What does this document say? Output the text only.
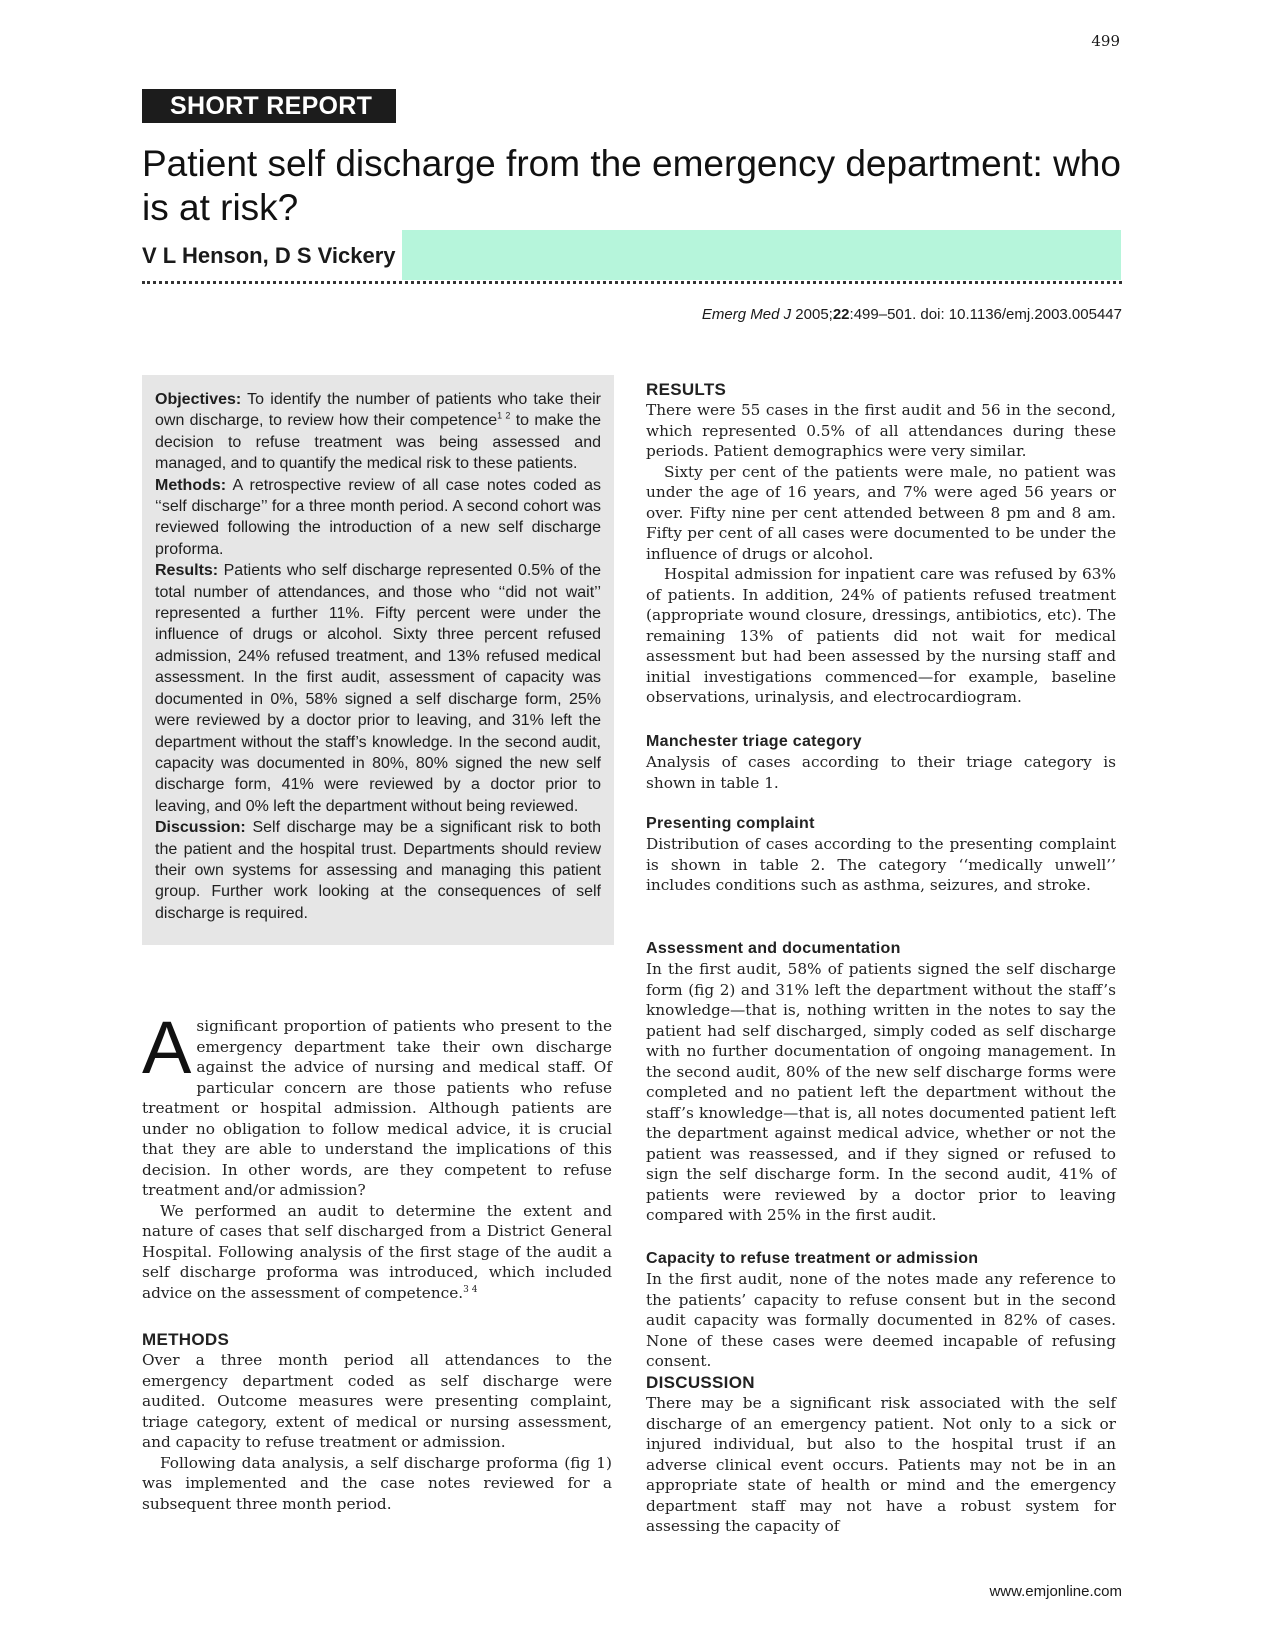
499
SHORT REPORT
Patient self discharge from the emergency department: who is at risk?
V L Henson, D S Vickery
Emerg Med J 2005;22:499–501. doi: 10.1136/emj.2003.005447

Objectives: To identify the number of patients who take their own discharge, to review how their competence$^{1 2}$ to make the decision to refuse treatment was being assessed and managed, and to quantify the medical risk to these patients.

Methods: A retrospective review of all case notes coded as ‘‘self discharge’’ for a three month period. A second cohort was reviewed following the introduction of a new self discharge proforma.

Results: Patients who self discharge represented 0.5% of the total number of attendances, and those who ‘‘did not wait’’ represented a further 11%. Fifty percent were under the influence of drugs or alcohol. Sixty three percent refused admission, 24% refused treatment, and 13% refused medical assessment. In the first audit, assessment of capacity was documented in 0%, 58% signed a self discharge form, 25% were reviewed by a doctor prior to leaving, and 31% left the department without the staff’s knowledge. In the second audit, capacity was documented in 80%, 80% signed the new self discharge form, 41% were reviewed by a doctor prior to leaving, and 0% left the department without being reviewed.

Discussion: Self discharge may be a significant risk to both the patient and the hospital trust. Departments should review their own systems for assessing and managing this patient group. Further work looking at the consequences of self discharge is required.

Asignificant proportion of patients who present to the emergency department take their own discharge against the advice of nursing and medical staff. Of particular concern are those patients who refuse treatment or hospital admission. Although patients are under no obligation to follow medical advice, it is crucial that they are able to understand the implications of this decision. In other words, are they competent to refuse treatment and/or admission?

We performed an audit to determine the extent and nature of cases that self discharged from a District General Hospital. Following analysis of the first stage of the audit a self discharge proforma was introduced, which included advice on the assessment of competence.$^{3 4}$

METHODS

Over a three month period all attendances to the emergency department coded as self discharge were audited. Outcome measures were presenting complaint, triage category, extent of medical or nursing assessment, and capacity to refuse treatment or admission.

Following data analysis, a self discharge proforma (fig 1) was implemented and the case notes reviewed for a subsequent three month period.

RESULTS

There were 55 cases in the first audit and 56 in the second, which represented 0.5% of all attendances during these periods. Patient demographics were very similar.

Sixty per cent of the patients were male, no patient was under the age of 16 years, and 7% were aged 56 years or over. Fifty nine per cent attended between 8 pm and 8 am. Fifty per cent of all cases were documented to be under the influence of drugs or alcohol.

Hospital admission for inpatient care was refused by 63% of patients. In addition, 24% of patients refused treatment (appropriate wound closure, dressings, antibiotics, etc). The remaining 13% of patients did not wait for medical assessment but had been assessed by the nursing staff and initial investigations commenced—for example, baseline observations, urinalysis, and electrocardiogram.

Manchester triage category

Analysis of cases according to their triage category is shown in table 1.

Presenting complaint

Distribution of cases according to the presenting complaint is shown in table 2. The category ‘‘medically unwell’’ includes conditions such as asthma, seizures, and stroke.

Assessment and documentation

In the first audit, 58% of patients signed the self discharge form (fig 2) and 31% left the department without the staff’s knowledge—that is, nothing written in the notes to say the patient had self discharged, simply coded as self discharge with no further documentation of ongoing management. In the second audit, 80% of the new self discharge forms were completed and no patient left the department without the staff’s knowledge—that is, all notes documented patient left the department against medical advice, whether or not the patient was reassessed, and if they signed or refused to sign the self discharge form. In the second audit, 41% of patients were reviewed by a doctor prior to leaving compared with 25% in the first audit.

Capacity to refuse treatment or admission

In the first audit, none of the notes made any reference to the patients’ capacity to refuse consent but in the second audit capacity was formally documented in 82% of cases. None of these cases were deemed incapable of refusing consent.

DISCUSSION

There may be a significant risk associated with the self discharge of an emergency patient. Not only to a sick or injured individual, but also to the hospital trust if an adverse clinical event occurs. Patients may not be in an appropriate state of health or mind and the emergency department staff may not have a robust system for assessing the capacity of

www.emjonline.com
